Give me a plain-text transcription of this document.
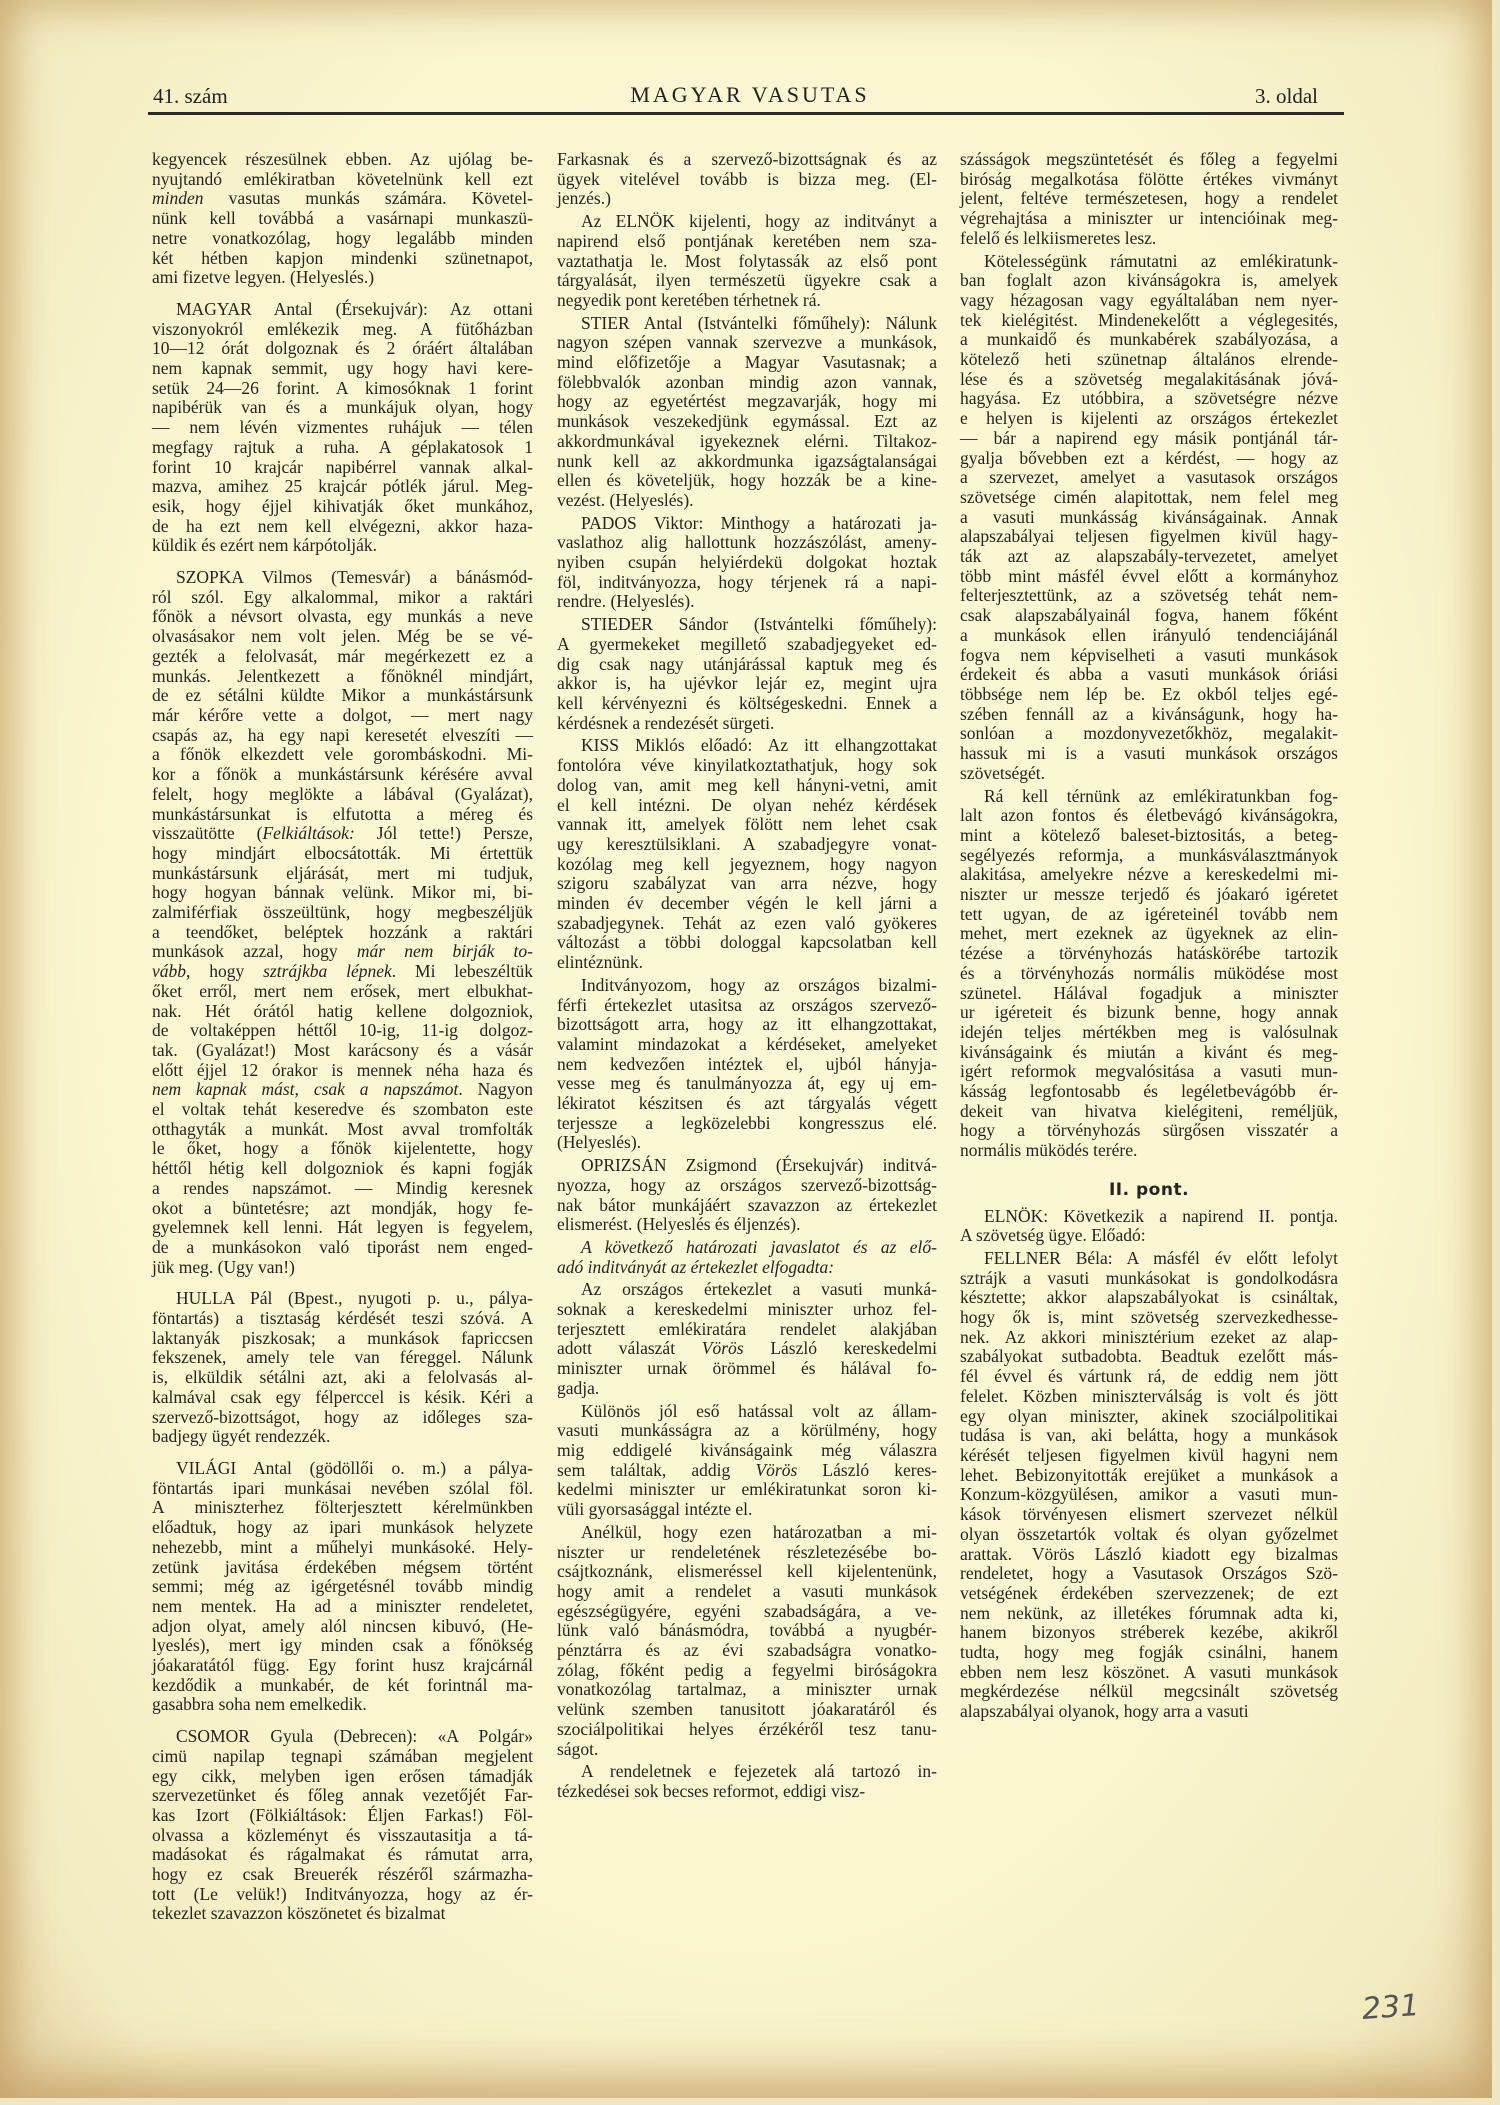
41. szám	MAGYAR VASUTAS	3. oldal
kegyencek részesülnek ebben. Az ujólag be-
nyujtandó emlékiratban követelnünk kell ezt
minden vasutas munkás számára. Követel-
nünk kell továbbá a vasárnapi munkaszü-
netre vonatkozólag, hogy legalább minden
két hétben kapjon mindenki szünetnapot,
ami fizetve legyen. (Helyeslés.)
MAGYAR Antal (Érsekujvár): Az ottani
viszonyokról emlékezik meg. A fütőházban
10—12 órát dolgoznak és 2 óráért általában
nem kapnak semmit, ugy hogy havi kere-
setük 24—26 forint. A kimosóknak 1 forint
napibérük van és a munkájuk olyan, hogy
— nem lévén vizmentes ruhájuk — télen
megfagy rajtuk a ruha. A géplakatosok 1
forint 10 krajcár napibérrel vannak alkal-
mazva, amihez 25 krajcár pótlék járul. Meg-
esik, hogy éjjel kihivatják őket munkához,
de ha ezt nem kell elvégezni, akkor haza-
küldik és ezért nem kárpótolják.
SZOPKA Vilmos (Temesvár) a bánásmód-
ról szól. Egy alkalommal, mikor a raktári
főnök a névsort olvasta, egy munkás a neve
olvasásakor nem volt jelen. Még be se vé-
gezték a felolvasát, már megérkezett ez a
munkás. Jelentkezett a főnöknél mindjárt,
de ez sétálni küldte Mikor a munkástársunk
már kérőre vette a dolgot, — mert nagy
csapás az, ha egy napi keresetét elveszíti —
a főnök elkezdett vele gorombáskodni. Mi-
kor a főnök a munkástársunk kérésére avval
felelt, hogy meglökte a lábával (Gyalázat),
munkástársunkat is elfutotta a méreg és
visszaütötte (Felkiáltások: Jól tette!) Persze,
hogy mindjárt elbocsátották. Mi értettük
munkástársunk eljárását, mert mi tudjuk,
hogy hogyan bánnak velünk. Mikor mi, bi-
zalmiférfiak összeültünk, hogy megbeszéljük
a teendőket, beléptek hozzánk a raktári
munkások azzal, hogy már nem birják to-
vább, hogy sztrájkba lépnek. Mi lebeszéltük
őket erről, mert nem erősek, mert elbukhat-
nak. Hét órától hatig kellene dolgozniok,
de voltaképpen héttől 10-ig, 11-ig dolgoz-
tak. (Gyalázat!) Most karácsony és a vásár
előtt éjjel 12 órakor is mennek néha haza és
nem kapnak mást, csak a napszámot. Nagyon
el voltak tehát keseredve és szombaton este
otthagyták a munkát. Most avval tromfolták
le őket, hogy a főnök kijelentette, hogy
héttől hétig kell dolgozniok és kapni fogják
a rendes napszámot. — Mindig keresnek
okot a büntetésre; azt mondják, hogy fe-
gyelemnek kell lenni. Hát legyen is fegyelem,
de a munkásokon való tiporást nem enged-
jük meg. (Ugy van!)
HULLA Pál (Bpest., nyugoti p. u., pálya-
föntartás) a tisztaság kérdését teszi szóvá. A
laktanyák piszkosak; a munkások fapriccsen
fekszenek, amely tele van féreggel. Nálunk
is, elküldik sétálni azt, aki a felolvasás al-
kalmával csak egy félperccel is késik. Kéri a
szervező-bizottságot, hogy az időleges sza-
badjegy ügyét rendezzék.
VILÁGI Antal (gödöllői o. m.) a pálya-
föntartás ipari munkásai nevében szólal föl.
A miniszterhez fölterjesztett kérelmünkben
előadtuk, hogy az ipari munkások helyzete
nehezebb, mint a műhelyi munkásoké. Hely-
zetünk javitása érdekében mégsem történt
semmi; még az igérgetésnél tovább mindig
nem mentek. Ha ad a miniszter rendeletet,
adjon olyat, amely alól nincsen kibuvó, (He-
lyeslés), mert igy minden csak a főnökség
jóakaratától függ. Egy forint husz krajcárnál
kezdődik a munkabér, de két forintnál ma-
gasabbra soha nem emelkedik.
CSOMOR Gyula (Debrecen): «A Polgár»
cimü napilap tegnapi számában megjelent
egy cikk, melyben igen erősen támadják
szervezetünket és főleg annak vezetőjét Far-
kas Izort (Fölkiáltások: Éljen Farkas!) Föl-
olvassa a közleményt és visszautasitja a tá-
madásokat és rágalmakat és rámutat arra,
hogy ez csak Breuerék részéről származha-
tott (Le velük!) Inditványozza, hogy az ér-
tekezlet szavazzon köszönetet és bizalmat
Farkasnak és a szervező-bizottságnak és az
ügyek vitelével tovább is bizza meg. (El-
jenzés.)
Az ELNÖK kijelenti, hogy az inditványt a
napirend első pontjának keretében nem sza-
vaztathatja le. Most folytassák az első pont
tárgyalását, ilyen természetü ügyekre csak a
negyedik pont keretében térhetnek rá.
STIER Antal (Istvántelki főműhely): Nálunk
nagyon szépen vannak szervezve a munkások,
mind előfizetője a Magyar Vasutasnak; a
fölebbvalók azonban mindig azon vannak,
hogy az egyetértést megzavarják, hogy mi
munkások veszekedjünk egymással. Ezt az
akkordmunkával igyekeznek elérni. Tiltakoz-
nunk kell az akkordmunka igazságtalanságai
ellen és követeljük, hogy hozzák be a kine-
vezést. (Helyeslés).
PADOS Viktor: Minthogy a határozati ja-
vaslathoz alig hallottunk hozzászólást, ameny-
nyiben csupán helyiérdekü dolgokat hoztak
föl, inditványozza, hogy térjenek rá a napi-
rendre. (Helyeslés).
STIEDER Sándor (Istvántelki főműhely):
A gyermekeket megillető szabadjegyeket ed-
dig csak nagy utánjárással kaptuk meg és
akkor is, ha ujévkor lejár ez, megint ujra
kell kérvényezni és költségeskedni. Ennek a
kérdésnek a rendezését sürgeti.
KISS Miklós előadó: Az itt elhangzottakat
fontolóra véve kinyilatkoztathatjuk, hogy sok
dolog van, amit meg kell hányni-vetni, amit
el kell intézni. De olyan nehéz kérdések
vannak itt, amelyek fölött nem lehet csak
ugy keresztülsiklani. A szabadjegyre vonat-
kozólag meg kell jegyeznem, hogy nagyon
szigoru szabályzat van arra nézve, hogy
minden év december végén le kell járni a
szabadjegynek. Tehát az ezen való gyökeres
változást a többi dologgal kapcsolatban kell
elintéznünk.
Inditványozom, hogy az országos bizalmi-
férfi értekezlet utasitsa az országos szervező-
bizottságott arra, hogy az itt elhangzottakat,
valamint mindazokat a kérdéseket, amelyeket
nem kedvezően intéztek el, ujból hányja-
vesse meg és tanulmányozza át, egy uj em-
lékiratot készitsen és azt tárgyalás végett
terjessze a legközelebbi kongresszus elé.
(Helyeslés).
OPRIZSÁN Zsigmond (Érsekujvár) inditvá-
nyozza, hogy az országos szervező-bizottság-
nak bátor munkájáért szavazzon az értekezlet
elismerést. (Helyeslés és éljenzés).
A következő határozati javaslatot és az elő-
adó inditványát az értekezlet elfogadta:
Az országos értekezlet a vasuti munká-
soknak a kereskedelmi miniszter urhoz fel-
terjesztett emlékiratára rendelet alakjában
adott válaszát Vörös László kereskedelmi
miniszter urnak örömmel és hálával fo-
gadja.
Különös jól eső hatással volt az állam-
vasuti munkásságra az a körülmény, hogy
mig eddigelé kivánságaink még válaszra
sem találtak, addig Vörös László keres-
kedelmi miniszter ur emlékiratunkat soron ki-
vüli gyorsasággal intézte el.
Anélkül, hogy ezen határozatban a mi-
niszter ur rendeletének részletezésébe bo-
csájtkoznánk, elismeréssel kell kijelentenünk,
hogy amit a rendelet a vasuti munkások
egészségügyére, egyéni szabadságára, a ve-
lünk való bánásmódra, továbbá a nyugbér-
pénztárra és az évi szabadságra vonatko-
zólag, főként pedig a fegyelmi biróságokra
vonatkozólag tartalmaz, a miniszter urnak
velünk szemben tanusitott jóakaratáról és
szociálpolitikai helyes érzékéről tesz tanu-
ságot.
A rendeletnek e fejezetek alá tartozó in-
tézkedései sok becses reformot, eddigi visz-
szásságok megszüntetését és főleg a fegyelmi
biróság megalkotása fölötte értékes vivmányt
jelent, feltéve természetesen, hogy a rendelet
végrehajtása a miniszter ur intencióinak meg-
felelő és lelkiismeretes lesz.
Kötelességünk rámutatni az emlékiratunk-
ban foglalt azon kivánságokra is, amelyek
vagy hézagosan vagy egyáltalában nem nyer-
tek kielégitést. Mindenekelőtt a véglegesités,
a munkaidő és munkabérek szabályozása, a
kötelező heti szünetnap általános elrende-
lése és a szövetség megalakitásának jóvá-
hagyása. Ez utóbbira, a szövetségre nézve
e helyen is kijelenti az országos értekezlet
— bár a napirend egy másik pontjánál tár-
gyalja bővebben ezt a kérdést, — hogy az
a szervezet, amelyet a vasutasok országos
szövetsége cimén alapitottak, nem felel meg
a vasuti munkásság kivánságainak. Annak
alapszabályai teljesen figyelmen kivül hagy-
ták azt az alapszabály-tervezetet, amelyet
több mint másfél évvel előtt a kormányhoz
felterjesztettünk, az a szövetség tehát nem-
csak alapszabályainál fogva, hanem főként
a munkások ellen irányuló tendenciájánál
fogva nem képviselheti a vasuti munkások
érdekeit és abba a vasuti munkások óriási
többsége nem lép be. Ez okból teljes egé-
szében fennáll az a kivánságunk, hogy ha-
sonlóan a mozdonyvezetőkhöz, megalakit-
hassuk mi is a vasuti munkások országos
szövetségét.
Rá kell térnünk az emlékiratunkban fog-
lalt azon fontos és életbevágó kivánságokra,
mint a kötelező baleset-biztositás, a beteg-
segélyezés reformja, a munkásválasztmányok
alakitása, amelyekre nézve a kereskedelmi mi-
niszter ur messze terjedő és jóakaró igéretet
tett ugyan, de az igéreteinél tovább nem
mehet, mert ezeknek az ügyeknek az elin-
tézése a törvényhozás hatáskörébe tartozik
és a törvényhozás normális müködése most
szünetel. Hálával fogadjuk a miniszter
ur igéreteit és bizunk benne, hogy annak
idején teljes mértékben meg is valósulnak
kivánságaink és miután a kivánt és meg-
igért reformok megvalósitása a vasuti mun-
kásság legfontosabb és legéletbevágóbb ér-
dekeit van hivatva kielégiteni, reméljük,
hogy a törvényhozás sürgősen visszatér a
normális müködés terére.
II. pont.
ELNÖK: Következik a napirend II. pontja.
A szövetség ügye. Előadó:
FELLNER Béla: A másfél év előtt lefolyt
sztrájk a vasuti munkásokat is gondolkodásra
késztette; akkor alapszabályokat is csináltak,
hogy ők is, mint szövetség szervezkedhesse-
nek. Az akkori minisztérium ezeket az alap-
szabályokat sutbadobta. Beadtuk ezelőtt más-
fél évvel és vártunk rá, de eddig nem jött
felelet. Közben miniszterválság is volt és jött
egy olyan miniszter, akinek szociálpolitikai
tudása is van, aki belátta, hogy a munkások
kérését teljesen figyelmen kivül hagyni nem
lehet. Bebizonyitották erejüket a munkások a
Konzum-közgyülésen, amikor a vasuti mun-
kások törvényesen elismert szervezet nélkül
olyan összetartók voltak és olyan győzelmet
arattak. Vörös László kiadott egy bizalmas
rendeletet, hogy a Vasutasok Országos Szö-
vetségének érdekében szervezzenek; de ezt
nem nekünk, az illetékes fórumnak adta ki,
hanem bizonyos stréberek kezébe, akikről
tudta, hogy meg fogják csinálni, hanem
ebben nem lesz köszönet. A vasuti munkások
megkérdezése nélkül megcsinált szövetség
alapszabályai olyanok, hogy arra a vasuti
231
